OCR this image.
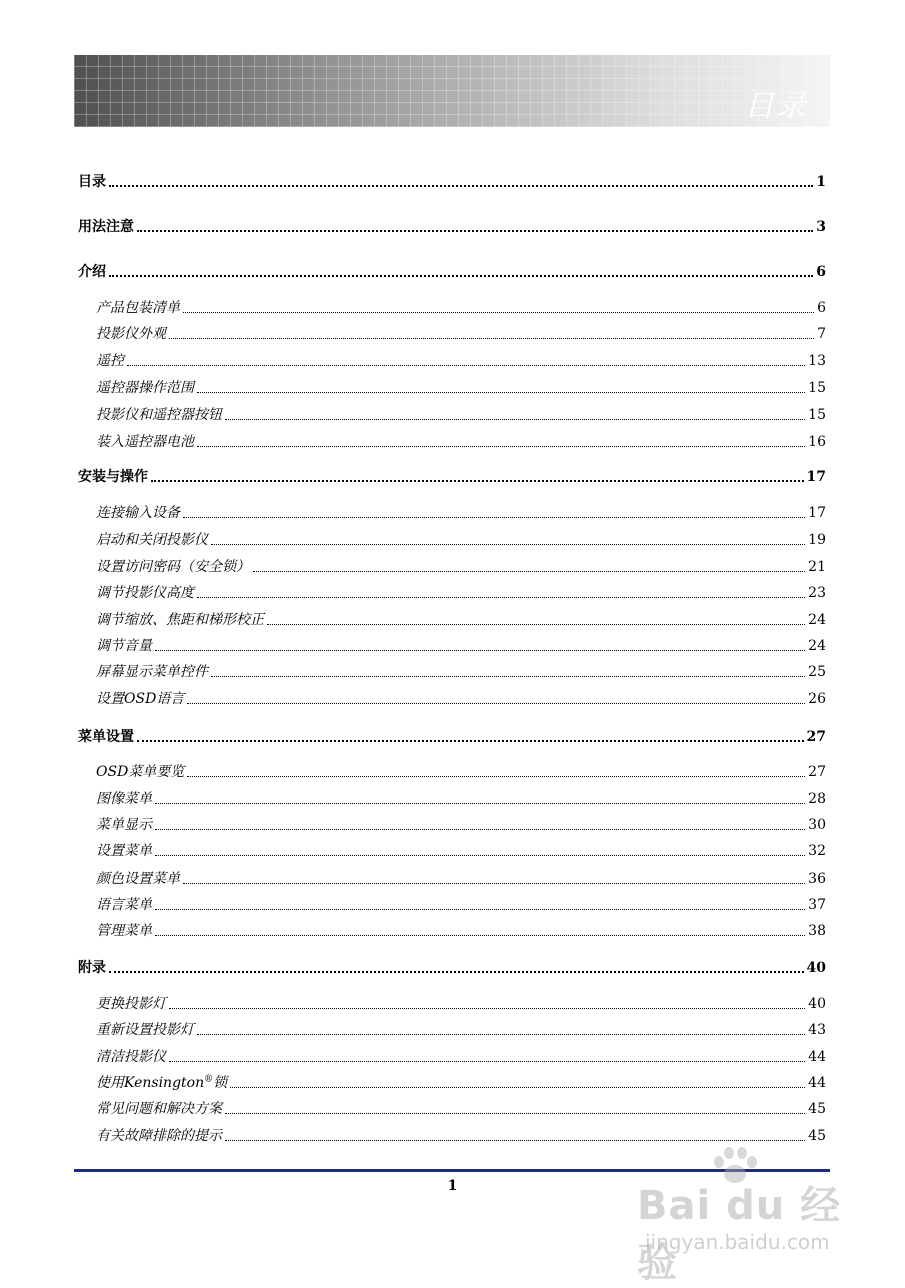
目录
目录	1
用法注意	3
介绍	6
产品包装清单	6
投影仪外观	7
遥控	13
遥控器操作范围	15
投影仪和遥控器按钮	15
装入遥控器电池	16
安装与操作	17
连接输入设备	17
启动和关闭投影仪	19
设置访问密码（安全锁）	21
调节投影仪高度	23
调节缩放、焦距和梯形校正	24
调节音量	24
屏幕显示菜单控件	25
设置OSD语言	26
菜单设置	27
OSD菜单要览	27
图像菜单	28
菜单显示	30
设置菜单	32
颜色设置菜单	36
语言菜单	37
管理菜单	38
附录	40
更换投影灯	40
重新设置投影灯	43
清洁投影仪	44
使用Kensington®锁	44
常见问题和解决方案	45
有关故障排除的提示	45
1	Bai du 经验
jingyan.baidu.com
